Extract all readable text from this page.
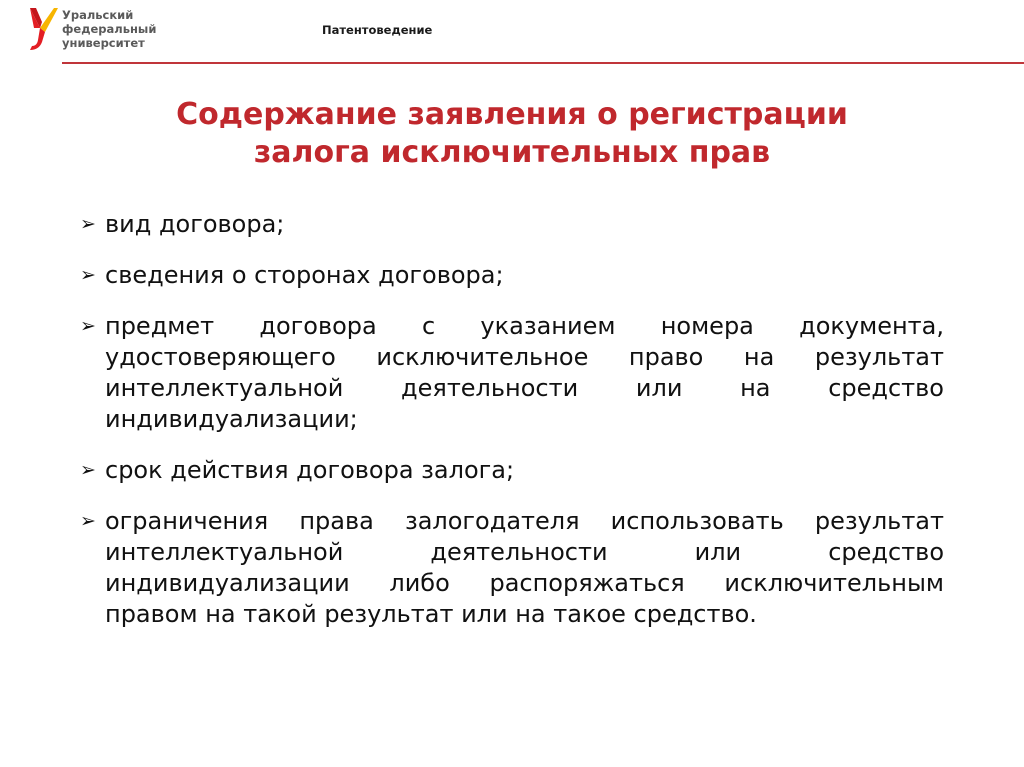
Уральский
федеральный
университет
Патентоведение
Содержание заявления о регистрации
залога исключительных прав
➢ вид договора;
➢ сведения о сторонах договора;
➢ предмет договора с указанием номера документа, удостоверяющего исключительное право на результат интеллектуальной деятельности или на средство индивидуализации;
➢ срок действия договора залога;
➢ ограничения права залогодателя использовать результат интеллектуальной деятельности или средство индивидуализации либо распоряжаться исключительным правом на такой результат или на такое средство.
